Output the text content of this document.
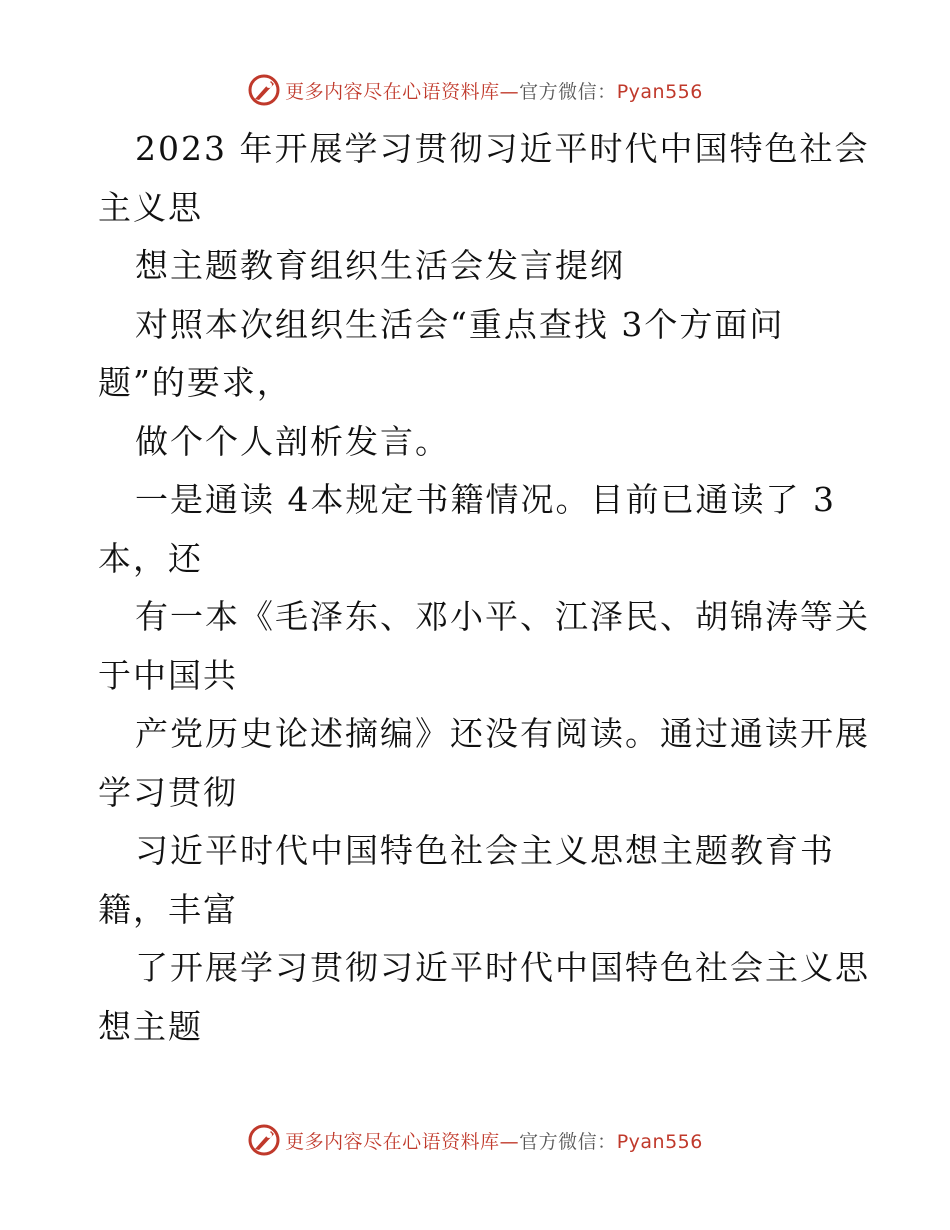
更多内容尽在心语资料库—官方微信：Pyan556
2023 年开展学习贯彻习近平时代中国特色社会
主义思
想主题教育组织生活会发言提纲
对照本次组织生活会“重点查找 3个方面问
题”的要求，
做个个人剖析发言。
一是通读 4本规定书籍情况。目前已通读了 3
本，还
有一本《毛泽东、邓小平、江泽民、胡锦涛等关
于中国共
产党历史论述摘编》还没有阅读。通过通读开展
学习贯彻
习近平时代中国特色社会主义思想主题教育书
籍，丰富
了开展学习贯彻习近平时代中国特色社会主义思
想主题
更多内容尽在心语资料库—官方微信：Pyan556
